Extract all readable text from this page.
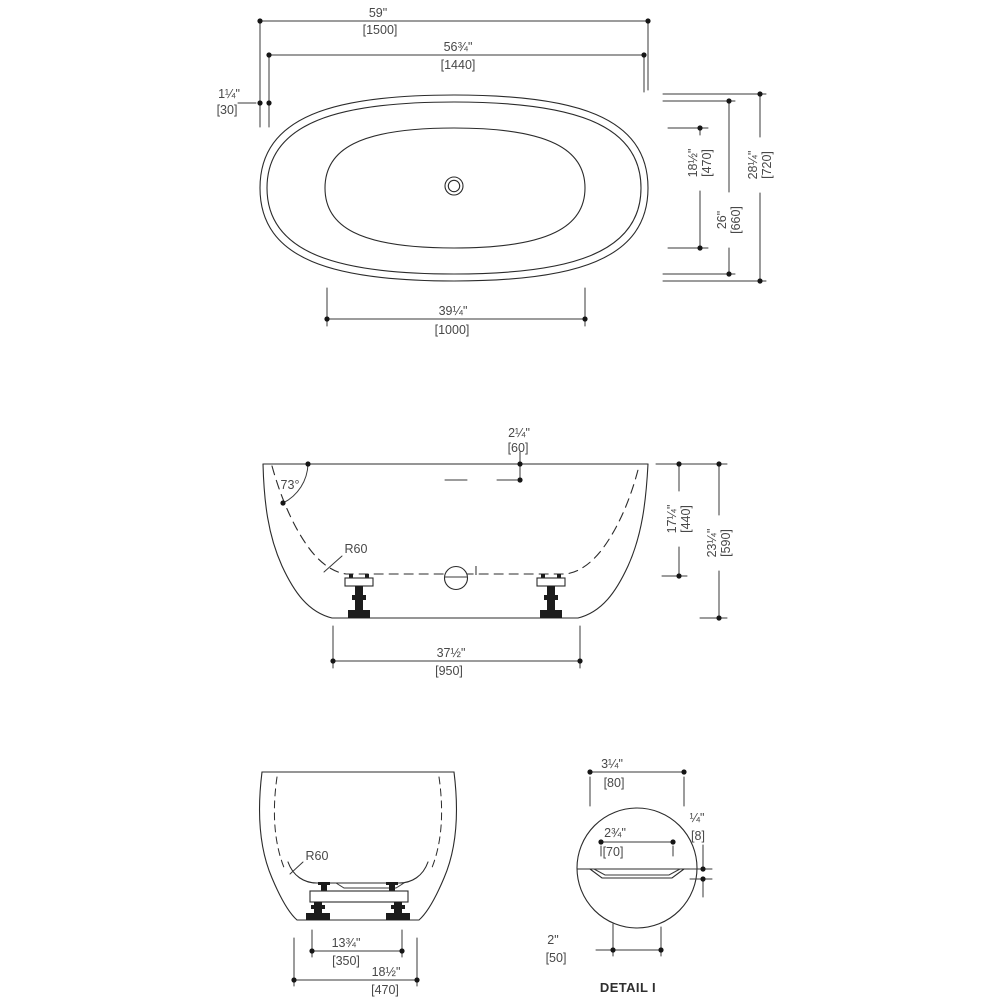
59"
[1500]
56¾"
[1440]
1¼"
[30]
18½" [470]
26" [660]
28¼" [720]
39¼"
[1000]
73°
R60
2¼"
[60]
I
17¼" [440]
23¼" [590]
37½"
[950]
R60
13¾"
[350]
18½"
[470]
3¼"
[80]
2¾"
[70]
¼"
[8]
2"
[50]
DETAIL I
